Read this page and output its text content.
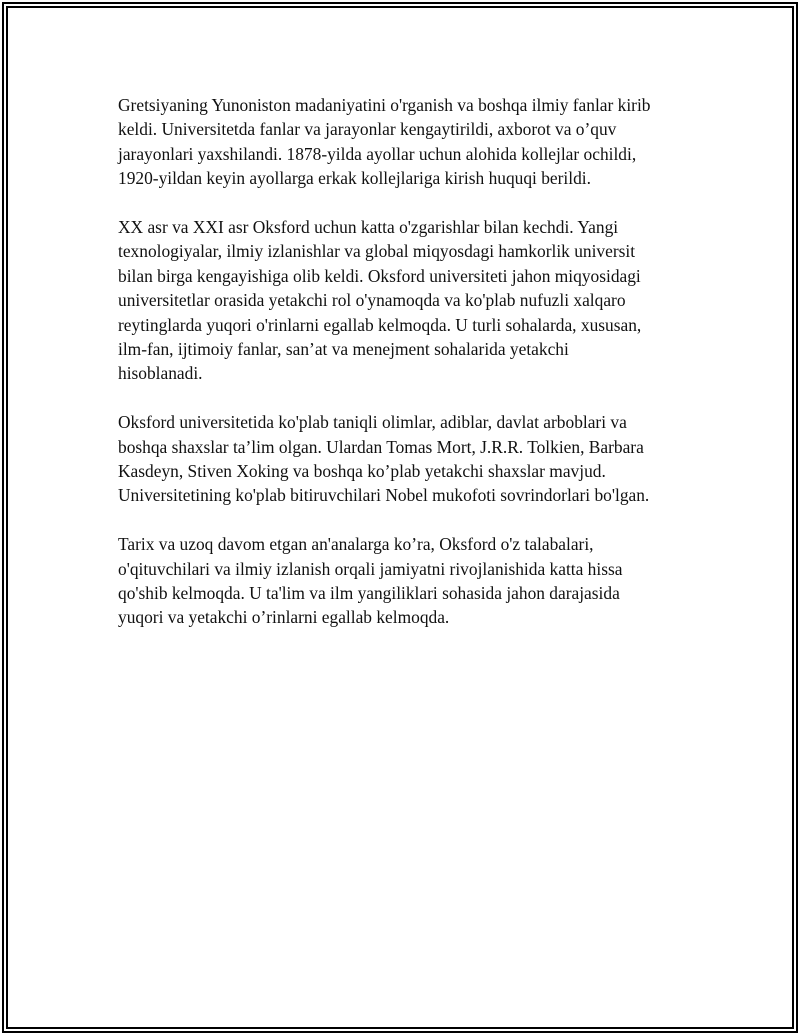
Gretsiyaning Yunoniston madaniyatini o'rganish va boshqa ilmiy fanlar kirib
keldi. Universitetda fanlar va jarayonlar kengaytirildi, axborot va o’quv
jarayonlari yaxshilandi. 1878-yilda ayollar uchun alohida kollejlar ochildi,
1920-yildan keyin ayollarga erkak kollejlariga kirish huquqi berildi.

XX asr va XXI asr Oksford uchun katta o'zgarishlar bilan kechdi. Yangi
texnologiyalar, ilmiy izlanishlar va global miqyosdagi hamkorlik universit
bilan birga kengayishiga olib keldi. Oksford universiteti jahon miqyosidagi
universitetlar orasida yetakchi rol o'ynamoqda va ko'plab nufuzli xalqaro
reytinglarda yuqori o'rinlarni egallab kelmoqda. U turli sohalarda, xususan,
ilm-fan, ijtimoiy fanlar, san’at va menejment sohalarida yetakchi
hisoblanadi.

Oksford universitetida ko'plab taniqli olimlar, adiblar, davlat arboblari va
boshqa shaxslar ta’lim olgan. Ulardan Tomas Mort, J.R.R. Tolkien, Barbara
Kasdeyn, Stiven Xoking va boshqa ko’plab yetakchi shaxslar mavjud.
Universitetining ko'plab bitiruvchilari Nobel mukofoti sovrindorlari bo'lgan.

Tarix va uzoq davom etgan an'analarga ko’ra, Oksford o'z talabalari,
o'qituvchilari va ilmiy izlanish orqali jamiyatni rivojlanishida katta hissa
qo'shib kelmoqda. U ta'lim va ilm yangiliklari sohasida jahon darajasida
yuqori va yetakchi o’rinlarni egallab kelmoqda.
